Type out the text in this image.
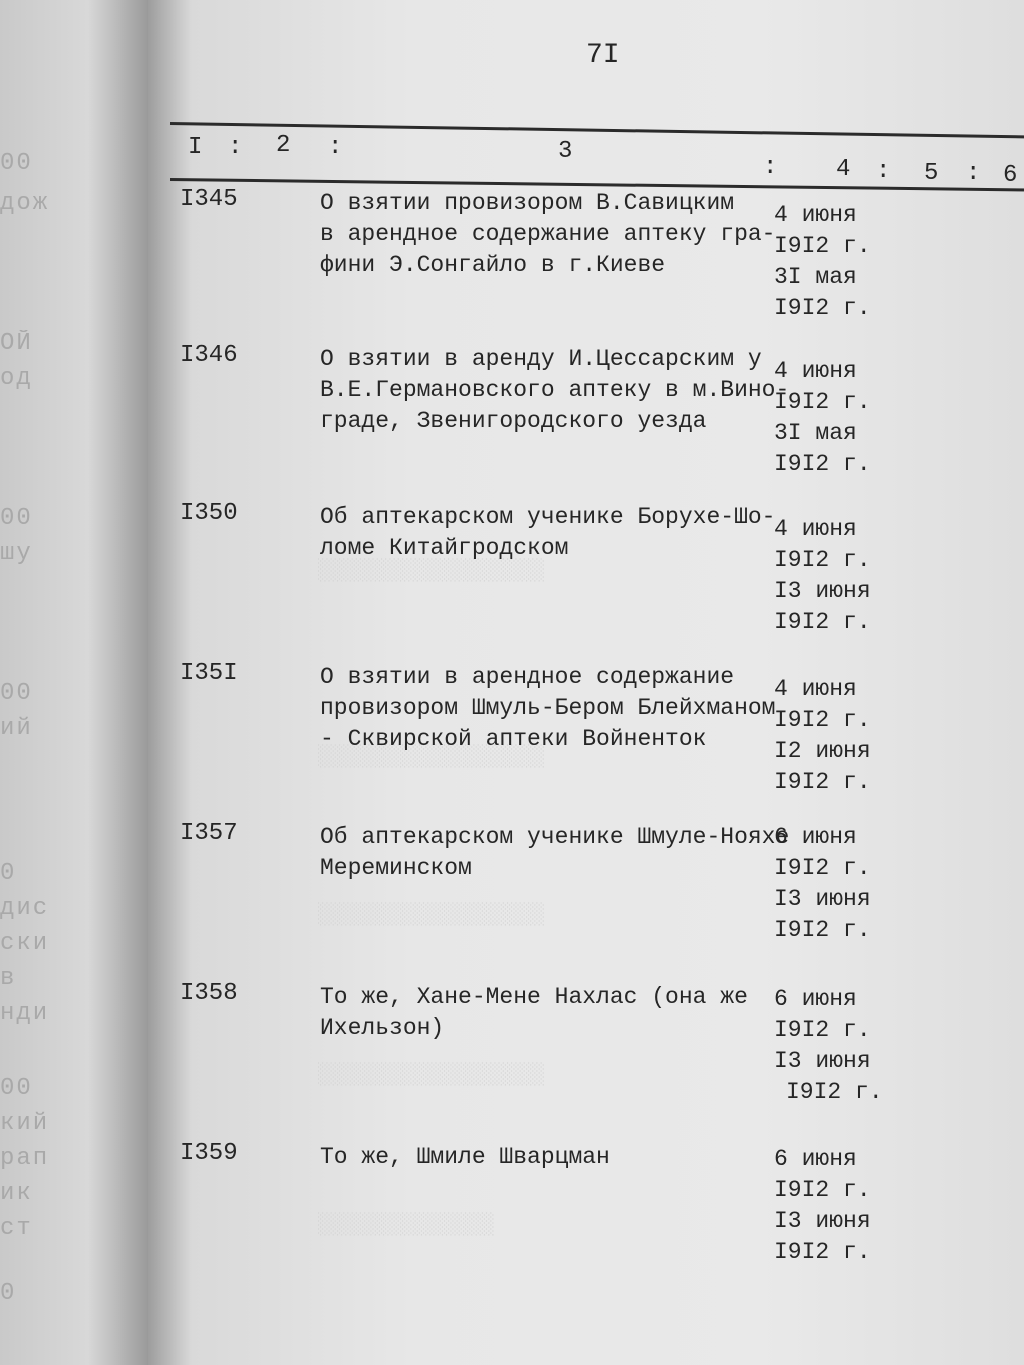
00
дож
ОЙ
од
00
шу
00
ий
0
дис
ски
в
нди
00
кий
рап
ик
ст
0
7I
I : 2 :	3
: 4 : 5 : 6
░░░░░░░░░░░░░░░░░░
░░░░░░░░░░░░░░░░░░
░░░░░░░░░░░░░░░░░░
░░░░░░░░░░░░░░░░░░
░░░░░░░░░░░░░░
I345	О взятии провизором В.Савицким
в арендное содержание аптеку гра-
фини Э.Сонгайло в г.Киеве
4 июня
I9I2 г.
3I мая
I9I2 г.
I346	О взятии в аренду И.Цессарским у
В.Е.Германовского аптеку в м.Вино-
граде, Звенигородского уезда
4 июня
I9I2 г.
3I мая
I9I2 г.
I350	Об аптекарском ученике Борухе-Шо-
ломе Китайгродском
4 июня
I9I2 г.
I3 июня
I9I2 г.
I35I	О взятии в арендное содержание
провизором Шмуль-Бером Блейхманом
- Сквирской аптеки Войненток
4 июня
I9I2 г.
I2 июня
I9I2 г.
I357	Об аптекарском ученике Шмуле-Нояхе
Мереминском
6 июня
I9I2 г.
I3 июня
I9I2 г.
I358	То же, Хане-Мене Нахлас (она же
Ихельзон)
6 июня
I9I2 г.
I3 июня
I9I2 г.
I359	То же, Шмиле Шварцман	6 июня
I9I2 г.
I3 июня
I9I2 г.
